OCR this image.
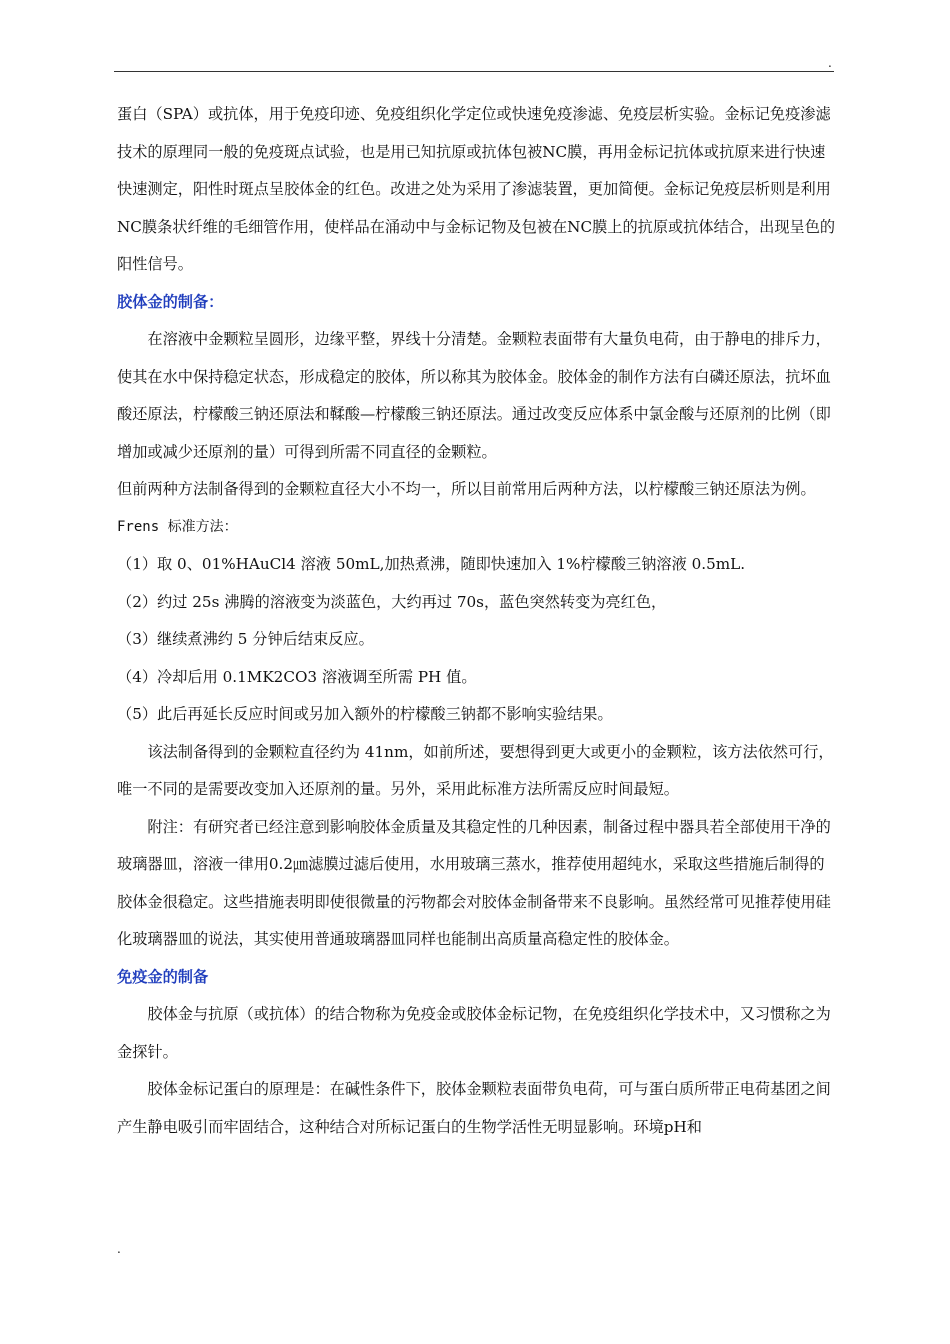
.

蛋白（SPA）或抗体，用于免疫印迹、免疫组织化学定位或快速免疫渗滤、免疫层析实验。金标记免疫渗滤技术的原理同一般的免疫斑点试验，也是用已知抗原或抗体包被NC膜，再用金标记抗体或抗原来进行快速快速测定，阳性时斑点呈胶体金的红色。改进之处为采用了渗滤装置，更加简便。金标记免疫层析则是利用NC膜条状纤维的毛细管作用，使样品在涌动中与金标记物及包被在NC膜上的抗原或抗体结合，出现呈色的阳性信号。

胶体金的制备：

在溶液中金颗粒呈圆形，边缘平整，界线十分清楚。金颗粒表面带有大量负电荷，由于静电的排斥力，使其在水中保持稳定状态，形成稳定的胶体，所以称其为胶体金。胶体金的制作方法有白磷还原法，抗坏血酸还原法，柠檬酸三钠还原法和鞣酸—柠檬酸三钠还原法。通过改变反应体系中氯金酸与还原剂的比例（即增加或减少还原剂的量）可得到所需不同直径的金颗粒。

但前两种方法制备得到的金颗粒直径大小不均一，所以目前常用后两种方法，以柠檬酸三钠还原法为例。

Frens 标准方法：

（1）取 0、01%HAuCl4 溶液 50mL,加热煮沸，随即快速加入 1%柠檬酸三钠溶液 0.5mL.

（2）约过 25s 沸腾的溶液变为淡蓝色，大约再过 70s，蓝色突然转变为亮红色，

（3）继续煮沸约 5 分钟后结束反应。

（4）冷却后用 0.1MK2CO3 溶液调至所需 PH 值。

（5）此后再延长反应时间或另加入额外的柠檬酸三钠都不影响实验结果。

该法制备得到的金颗粒直径约为 41nm，如前所述，要想得到更大或更小的金颗粒，该方法依然可行，唯一不同的是需要改变加入还原剂的量。另外，采用此标准方法所需反应时间最短。

附注：有研究者已经注意到影响胶体金质量及其稳定性的几种因素，制备过程中器具若全部使用干净的玻璃器皿，溶液一律用0.2㎛滤膜过滤后使用，水用玻璃三蒸水，推荐使用超纯水，采取这些措施后制得的胶体金很稳定。这些措施表明即使很微量的污物都会对胶体金制备带来不良影响。虽然经常可见推荐使用硅化玻璃器皿的说法，其实使用普通玻璃器皿同样也能制出高质量高稳定性的胶体金。

免疫金的制备

胶体金与抗原（或抗体）的结合物称为免疫金或胶体金标记物，在免疫组织化学技术中，又习惯称之为金探针。

胶体金标记蛋白的原理是：在碱性条件下，胶体金颗粒表面带负电荷，可与蛋白质所带正电荷基团之间产生静电吸引而牢固结合，这种结合对所标记蛋白的生物学活性无明显影响。环境pH和

.
